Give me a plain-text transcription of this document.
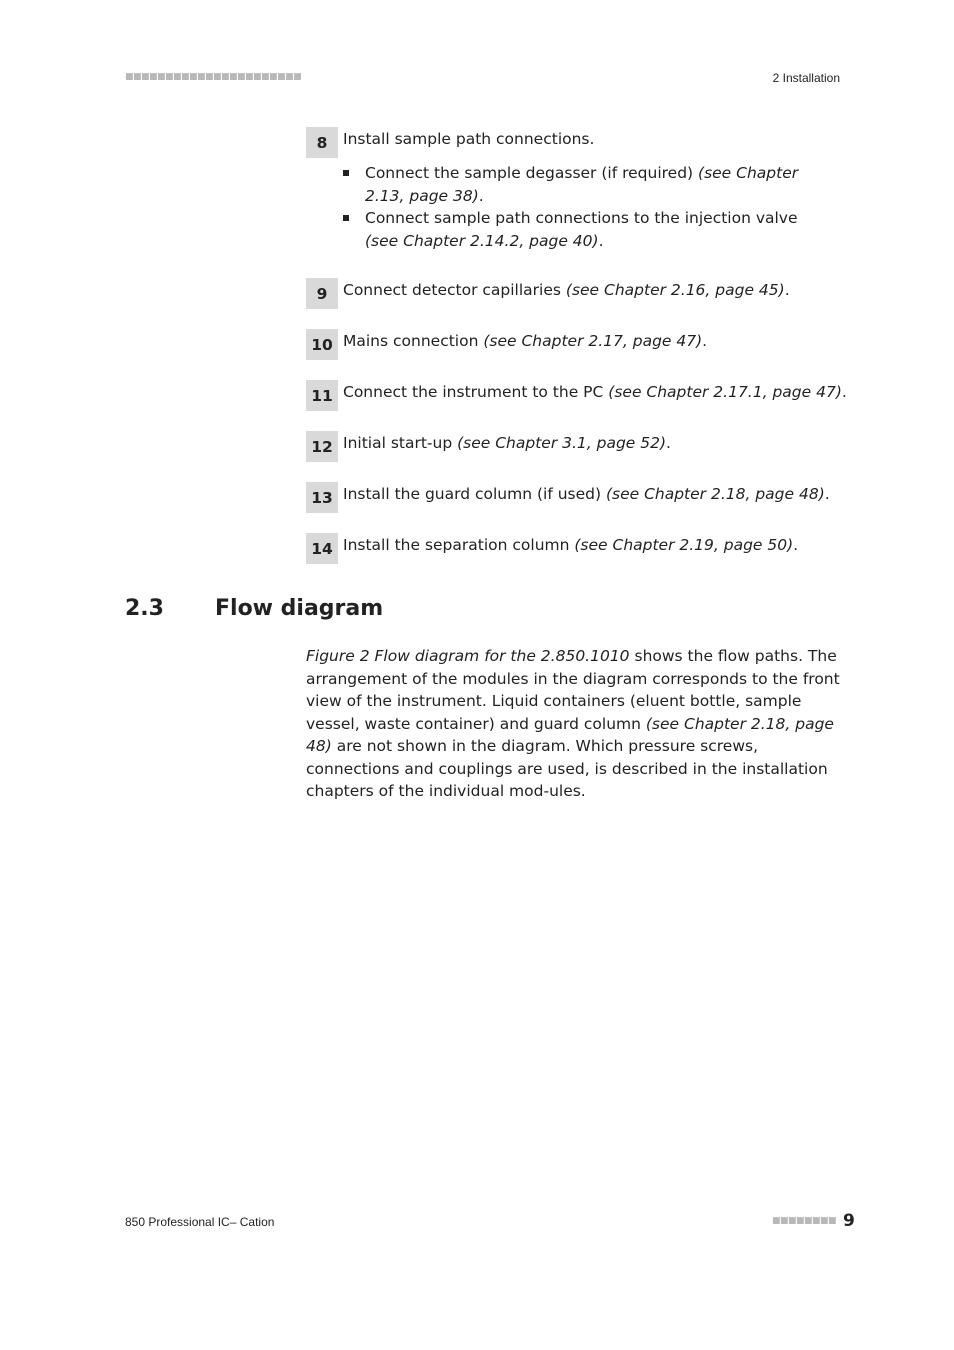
■■■■■■■■■■■■■■■■■■■■■■	2 Installation
8	Install sample path connections.
Connect the sample degasser (if required) (see Chapter 2.13, page 38).
Connect sample path connections to the injection valve (see Chapter 2.14.2, page 40).
9	Connect detector capillaries (see Chapter 2.16, page 45).
10 Mains connection (see Chapter 2.17, page 47).
11 Connect the instrument to the PC (see Chapter 2.17.1, page 47).
12 Initial start-up (see Chapter 3.1, page 52).
13 Install the guard column (if used) (see Chapter 2.18, page 48).
14 Install the separation column (see Chapter 2.19, page 50).
2.3 Flow diagram
Figure 2 Flow diagram for the 2.850.1010 shows the flow paths. The arrangement of the modules in the diagram corresponds to the front view of the instrument. Liquid containers (eluent bottle, sample vessel, waste container) and guard column (see Chapter 2.18, page 48) are not shown in the diagram. Which pressure screws, connections and couplings are used, is described in the installation chapters of the individual mod-ules.
850 Professional IC– Cation	■■■■■■■■ 9
